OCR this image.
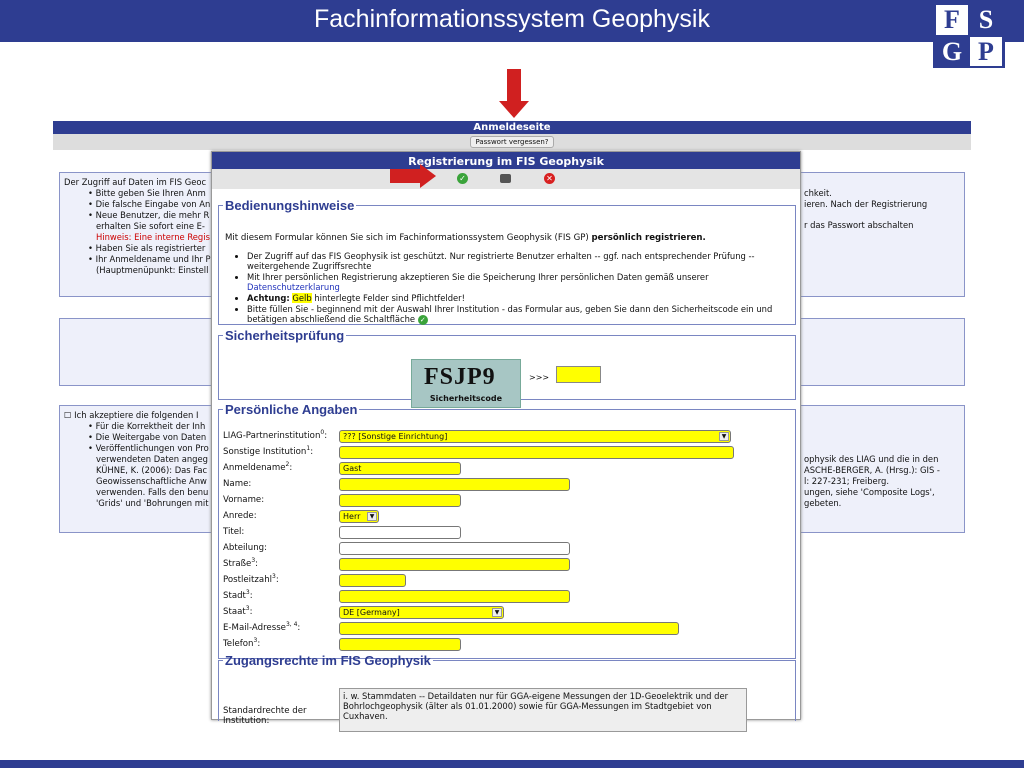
Fachinformationssystem Geophysik	F S
G P
Anmeldeseite
Passwort vergessen?
Der Zugriff auf Daten im FIS Geoc
• Bitte geben Sie Ihren Anm
• Die falsche Eingabe von An
• Neue Benutzer, die mehr R
erhalten Sie sofort eine E-
Hinweis: Eine interne Regis
• Haben Sie als registrierter
• Ihr Anmeldename und Ihr P
(Hauptmenüpunkt: Einstell
chkeit.
ieren. Nach der Registrierung
r das Passwort abschalten
☐ Ich akzeptiere die folgenden I
• Für die Korrektheit der Inh
• Die Weitergabe von Daten
• Veröffentlichungen von Pro
verwendeten Daten angeg
KÜHNE, K. (2006): Das Fac
Geowissenschaftliche Anw
verwenden. Falls den benu
'Grids' und 'Bohrungen mit
ophysik des LIAG und die in den
ASCHE-BERGER, A. (Hrsg.): GIS -
l: 227-231; Freiberg.
ungen, siehe 'Composite Logs',
gebeten.
Registrierung im FIS Geophysik
✓	✕
Bedienungshinweise
Mit diesem Formular können Sie sich im Fachinformationssystem Geophysik (FIS GP) persönlich registrieren.
• Der Zugriff auf das FIS Geophysik ist geschützt. Nur registrierte Benutzer erhalten -- ggf. nach entsprechender Prüfung -- weitergehende Zugriffsrechte
• Mit Ihrer persönlichen Registrierung akzeptieren Sie die Speicherung Ihrer persönlichen Daten gemäß unserer
Datenschutzerklarung
• Achtung: Gelb hinterlegte Felder sind Pflichtfelder!
• Bitte füllen Sie - beginnend mit der Auswahl Ihrer Institution - das Formular aus, geben Sie dann den Sicherheitscode ein und betätigen abschließend die Schaltfläche ✓
Sicherheitsprüfung
FSJP9
Sicherheitscode
>>>
Persönliche Angaben
LIAG-Partnerinstitution$^0$:	??? [Sonstige Einrichtung]	▼
Sonstige Institution$^1$:
Anmeldename$^2$:	Gast
Name:
Vorname:
Anrede:	Herr	▼
Titel:
Abteilung:
Straße$^3$:
Postleitzahl$^3$:
Stadt$^3$:
Staat$^3$:	DE [Germany]	▼
E-Mail-Adresse$^{3, 4}$:
Telefon$^3$:
Zugangsrechte im FIS Geophysik
Standardrechte der Institution:
i. w. Stammdaten -- Detaildaten nur für GGA-eigene Messungen der 1D-Geoelektrik und der Bohrlochgeophysik (älter als 01.01.2000) sowie für GGA-Messungen im Stadtgebiet von Cuxhaven.
